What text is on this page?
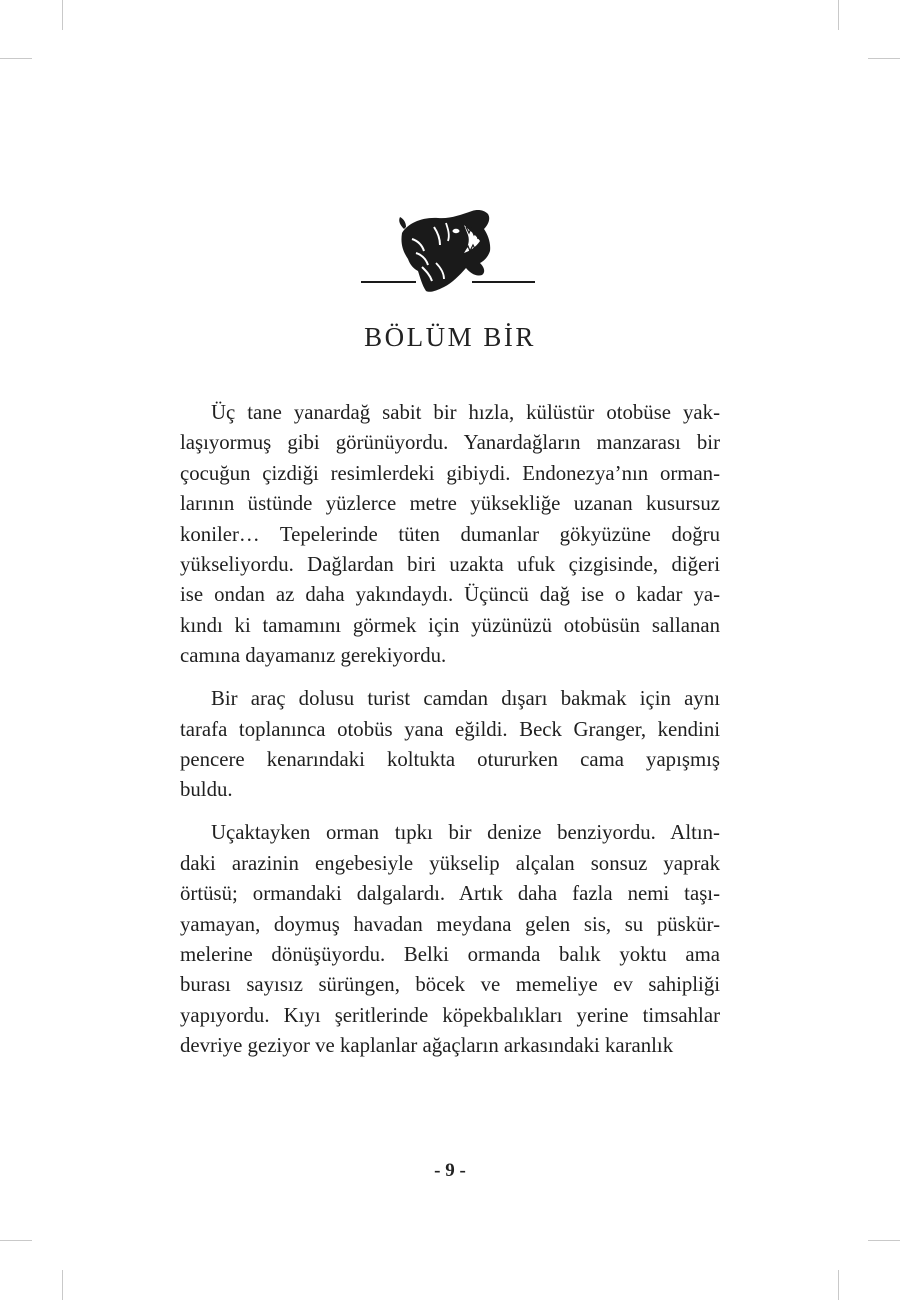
BÖLÜM BİR
Üç tane yanardağ sabit bir hızla, külüstür otobüse yak-
laşıyormuş gibi görünüyordu. Yanardağların manzarası bir
çocuğun çizdiği resimlerdeki gibiydi. Endonezya’nın orman-
larının üstünde yüzlerce metre yüksekliğe uzanan kusursuz
koniler… Tepelerinde tüten dumanlar gökyüzüne doğru
yükseliyordu. Dağlardan biri uzakta ufuk çizgisinde, diğeri
ise ondan az daha yakındaydı. Üçüncü dağ ise o kadar ya-
kındı ki tamamını görmek için yüzünüzü otobüsün sallanan
camına dayamanız gerekiyordu.
Bir araç dolusu turist camdan dışarı bakmak için aynı
tarafa toplanınca otobüs yana eğildi. Beck Granger, kendini
pencere kenarındaki koltukta otururken cama yapışmış
buldu.
Uçaktayken orman tıpkı bir denize benziyordu. Altın-
daki arazinin engebesiyle yükselip alçalan sonsuz yaprak
örtüsü; ormandaki dalgalardı. Artık daha fazla nemi taşı-
yamayan, doymuş havadan meydana gelen sis, su püskür-
melerine dönüşüyordu. Belki ormanda balık yoktu ama
burası sayısız sürüngen, böcek ve memeliye ev sahipliği
yapıyordu. Kıyı şeritlerinde köpekbalıkları yerine timsahlar
devriye geziyor ve kaplanlar ağaçların arkasındaki karanlık
- 9 -
